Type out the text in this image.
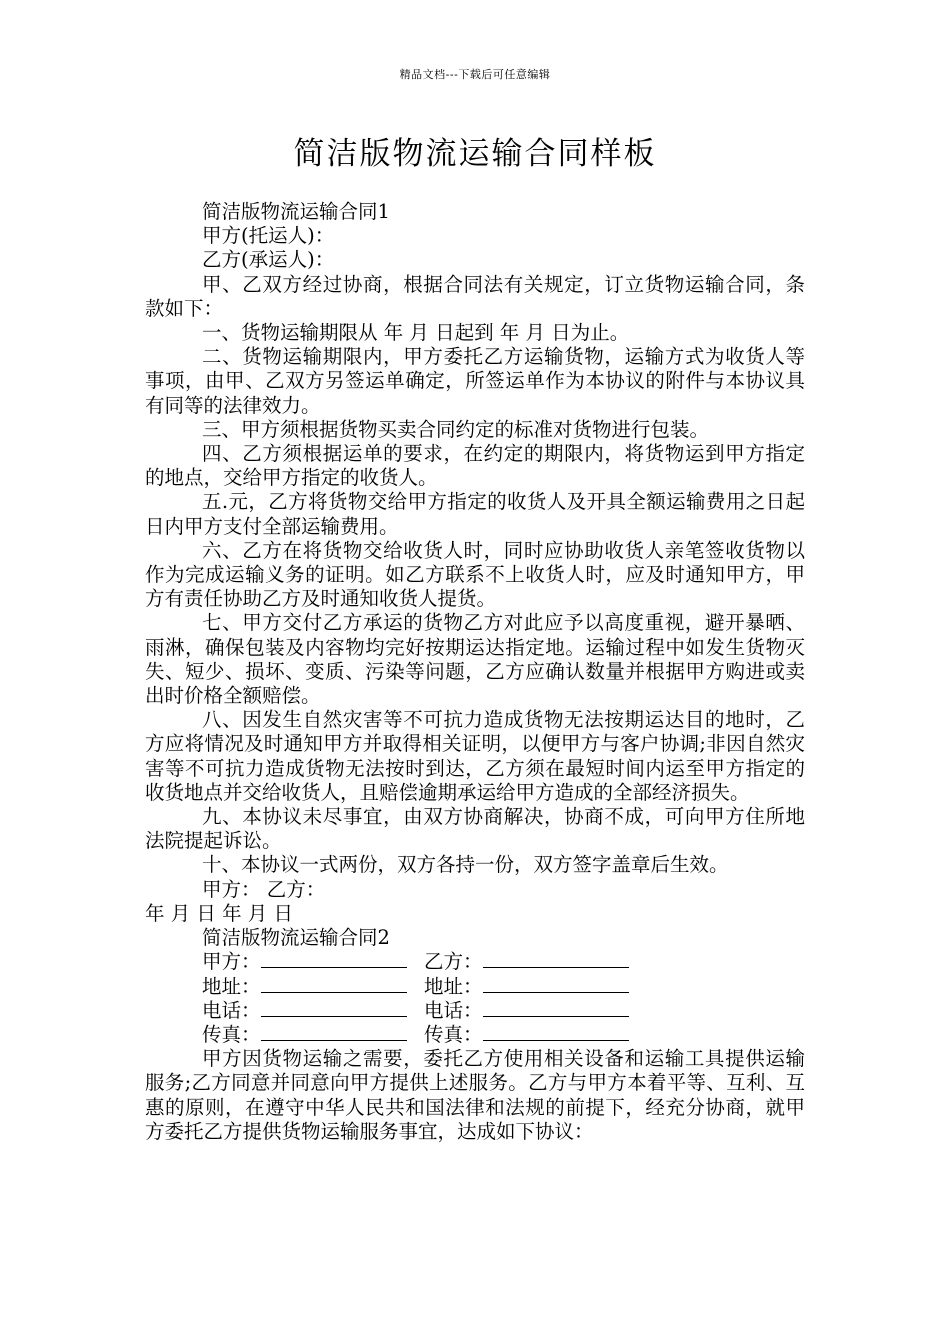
精品文档---下载后可任意编辑
简洁版物流运输合同样板

简洁版物流运输合同1

甲方(托运人)：

乙方(承运人)：

甲、乙双方经过协商，根据合同法有关规定，订立货物运输合同，条款如下：

一、货物运输期限从 年 月 日起到 年 月 日为止。

二、货物运输期限内，甲方委托乙方运输货物，运输方式为收货人等事项，由甲、乙双方另签运单确定，所签运单作为本协议的附件与本协议具有同等的法律效力。

三、甲方须根据货物买卖合同约定的标准对货物进行包装。

四、乙方须根据运单的要求，在约定的期限内，将货物运到甲方指定的地点，交给甲方指定的收货人。

五.元，乙方将货物交给甲方指定的收货人及开具全额运输费用之日起 日内甲方支付全部运输费用。

六、乙方在将货物交给收货人时，同时应协助收货人亲笔签收货物以作为完成运输义务的证明。如乙方联系不上收货人时，应及时通知甲方，甲方有责任协助乙方及时通知收货人提货。

七、甲方交付乙方承运的货物乙方对此应予以高度重视，避开暴晒、雨淋，确保包装及内容物均完好按期运达指定地。运输过程中如发生货物灭失、短少、损坏、变质、污染等问题，乙方应确认数量并根据甲方购进或卖出时价格全额赔偿。

八、因发生自然灾害等不可抗力造成货物无法按期运达目的地时，乙方应将情况及时通知甲方并取得相关证明，以便甲方与客户协调;非因自然灾害等不可抗力造成货物无法按时到达，乙方须在最短时间内运至甲方指定的收货地点并交给收货人，且赔偿逾期承运给甲方造成的全部经济损失。

九、本协议未尽事宜，由双方协商解决，协商不成，可向甲方住所地法院提起诉讼。

十、本协议一式两份，双方各持一份，双方签字盖章后生效。

甲方： 乙方：

年 月 日 年 月 日

简洁版物流运输合同2

甲方：	乙方：
地址：	地址：
电话：	电话：
传真：	传真：

甲方因货物运输之需要，委托乙方使用相关设备和运输工具提供运输服务;乙方同意并同意向甲方提供上述服务。乙方与甲方本着平等、互利、互惠的原则，在遵守中华人民共和国法律和法规的前提下，经充分协商，就甲方委托乙方提供货物运输服务事宜，达成如下协议：
